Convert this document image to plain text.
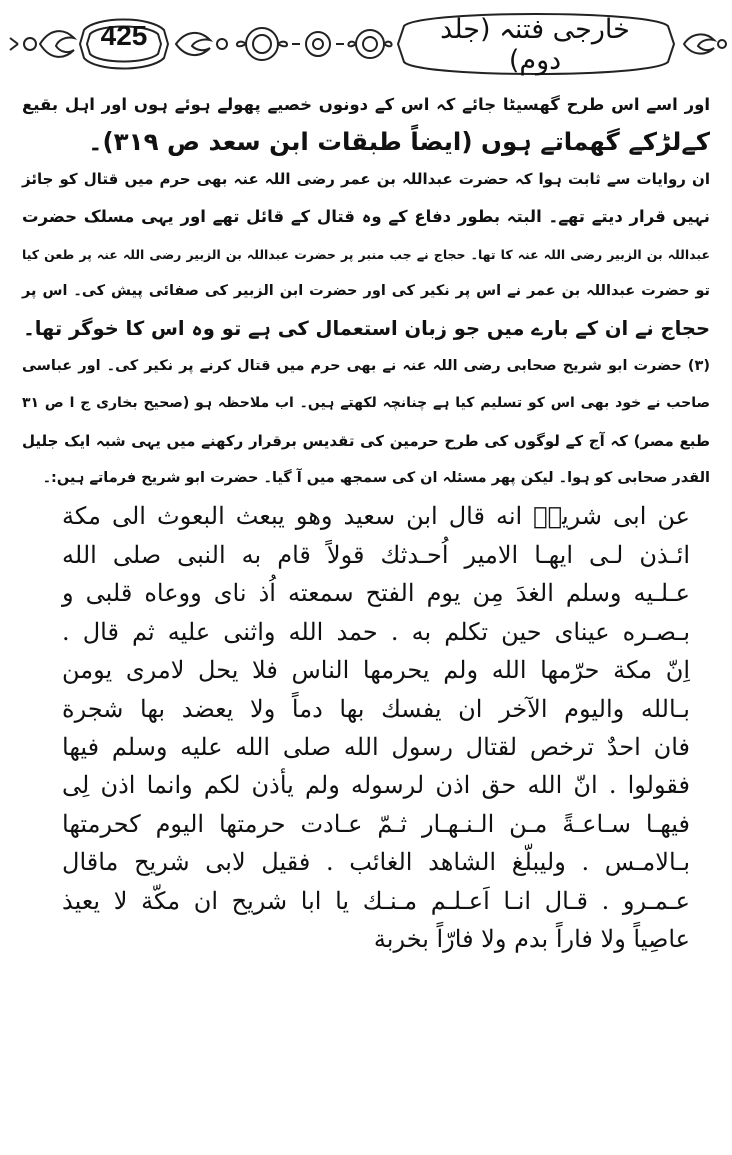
425	خارجی فتنہ (جلد دوم)

اور اسے اس طرح گھسیٹا جائے کہ اس کے دونوں خصیے پھولے ہوئے ہوں اور اہل بقیع
کےلڑکے گھماتے ہوں (ایضاً طبقات ابن سعد ص ۳۱۹)۔

ان روایات سے ثابت ہوا کہ حضرت عبداللہ بن عمر رضی اللہ عنہ بھی حرم میں قتال کو جائز
نہیں قرار دیتے تھے۔ البتہ بطور دفاع کے وہ قتال کے قائل تھے اور یہی مسلک حضرت
عبداللہ بن الزبیر رضی اللہ عنہ کا تھا۔ حجاج نے جب منبر پر حضرت عبداللہ بن الزبیر رضی اللہ عنہ پر طعن کیا
تو حضرت عبداللہ بن عمر نے اس پر نکیر کی اور حضرت ابن الزبیر کی صفائی پیش کی۔ اس پر
حجاج نے ان کے بارے میں جو زبان استعمال کی ہے تو وہ اس کا خوگر تھا۔

(۳) حضرت ابو شریح صحابی رضی اللہ عنہ نے بھی حرم میں قتال کرنے پر نکیر کی۔ اور عباسی
صاحب نے خود بھی اس کو تسلیم کیا ہے چنانچہ لکھتے ہیں۔ اب ملاحظہ ہو (صحیح بخاری ج ا ص ۳۱
طبع مصر) کہ آج کے لوگوں کی طرح حرمین کی تقدیس برقرار رکھنے میں یہی شبہ ایک جلیل
القدر صحابی کو ہوا۔ لیکن پھر مسئلہ ان کی سمجھ میں آ گیا۔ حضرت ابو شریح فرماتے ہیں:۔

عن ابى شريحؓ انه قال ابن سعيد وهو يبعث البعوث الى مكة
ائـذن لـى ايهـا الامير اُحـدثك قولاً قام به النبى صلى الله
عـلـيه وسلم الغدَ مِن يوم الفتح سمعته اُذ ناى ووعاه قلبى و
بـصـره عيناى حين تكلم به . حمد الله واثنى عليه ثم قال .
اِنّ مكة حرّمها الله ولم يحرمها الناس فلا يحل لامرى يومن
بـالله واليوم الآخر ان يفسك بها دماً ولا يعضد بها شجرة
فان احدٌ ترخص لقتال رسول الله صلى الله عليه وسلم فيها
فقولوا . انّ الله حق اذن لرسوله ولم يأذن لكم وانما اذن لِى
فيهـا سـاعـةً مـن الـنـهـار ثـمّ عـادت حرمتها اليوم كحرمتها
بـالامـس . وليبلّغ الشاهد الغائب . فقيل لابى شريح ماقال
عـمـرو . قـال انـا اَعـلـم مـنـك يا ابا شريح ان مكّة لا يعيذ
عاصِياً ولا فاراً بدم ولا فارّاً بخربة
